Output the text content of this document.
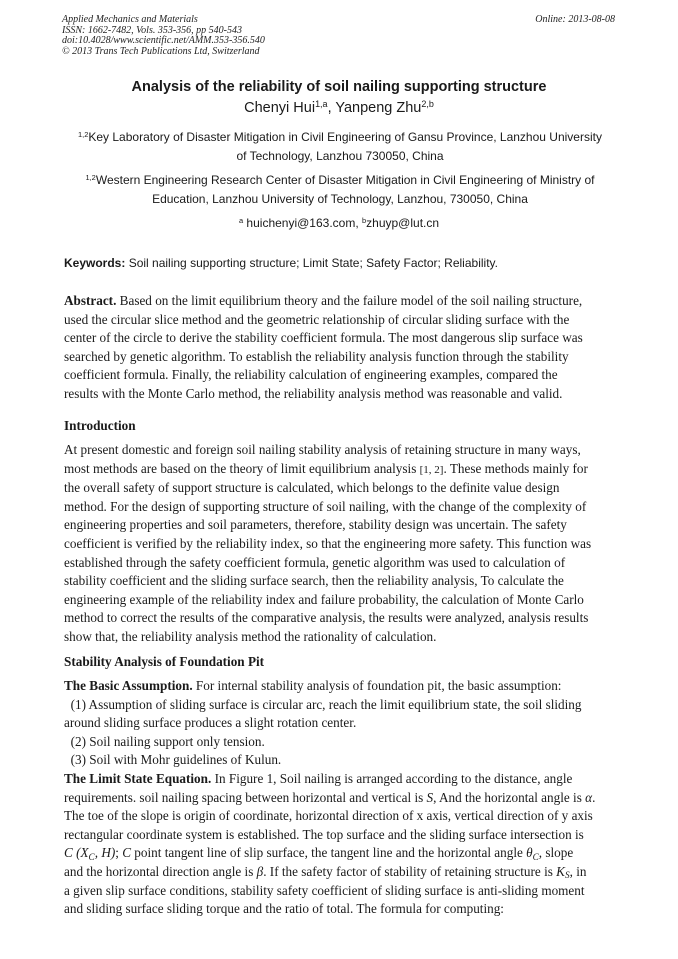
Applied Mechanics and Materials
ISSN: 1662-7482, Vols. 353-356, pp 540-543
doi:10.4028/www.scientific.net/AMM.353-356.540
© 2013 Trans Tech Publications Ltd, Switzerland
Online: 2013-08-08
Analysis of the reliability of soil nailing supporting structure
Chenyi Hui$^{1,a}$, Yanpeng Zhu$^{2,b}$
$^{1,2}$Key Laboratory of Disaster Mitigation in Civil Engineering of Gansu Province, Lanzhou University
of Technology, Lanzhou 730050, China
$^{1,2}$Western Engineering Research Center of Disaster Mitigation in Civil Engineering of Ministry of
Education, Lanzhou University of Technology, Lanzhou, 730050, China
$^a$ huichenyi@163.com, $^b$zhuyp@lut.cn
Keywords: Soil nailing supporting structure; Limit State; Safety Factor; Reliability.
Abstract. Based on the limit equilibrium theory and the failure model of the soil nailing structure,
used the circular slice method and the geometric relationship of circular sliding surface with the
center of the circle to derive the stability coefficient formula. The most dangerous slip surface was
searched by genetic algorithm. To establish the reliability analysis function through the stability
coefficient formula. Finally, the reliability calculation of engineering examples, compared the
results with the Monte Carlo method, the reliability analysis method was reasonable and valid.
Introduction
At present domestic and foreign soil nailing stability analysis of retaining structure in many ways,
most methods are based on the theory of limit equilibrium analysis [1, 2]. These methods mainly for
the overall safety of support structure is calculated, which belongs to the definite value design
method. For the design of supporting structure of soil nailing, with the change of the complexity of
engineering properties and soil parameters, therefore, stability design was uncertain. The safety
coefficient is verified by the reliability index, so that the engineering more safety. This function was
established through the safety coefficient formula, genetic algorithm was used to calculation of
stability coefficient and the sliding surface search, then the reliability analysis, To calculate the
engineering example of the reliability index and failure probability, the calculation of Monte Carlo
method to correct the results of the comparative analysis, the results were analyzed, analysis results
show that, the reliability analysis method the rationality of calculation.
Stability Analysis of Foundation Pit
The Basic Assumption. For internal stability analysis of foundation pit, the basic assumption:
(1) Assumption of sliding surface is circular arc, reach the limit equilibrium state, the soil sliding
around sliding surface produces a slight rotation center.
(2) Soil nailing support only tension.
(3) Soil with Mohr guidelines of Kulun.
The Limit State Equation. In Figure 1, Soil nailing is arranged according to the distance, angle
requirements. soil nailing spacing between horizontal and vertical is S, And the horizontal angle is α.
The toe of the slope is origin of coordinate, horizontal direction of x axis, vertical direction of y axis
rectangular coordinate system is established. The top surface and the sliding surface intersection is
C ($X_C$, H); C point tangent line of slip surface, the tangent line and the horizontal angle $\theta_C$, slope
and the horizontal direction angle is β. If the safety factor of stability of retaining structure is $K_S$, in
a given slip surface conditions, stability safety coefficient of sliding surface is anti-sliding moment
and sliding surface sliding torque and the ratio of total. The formula for computing:
